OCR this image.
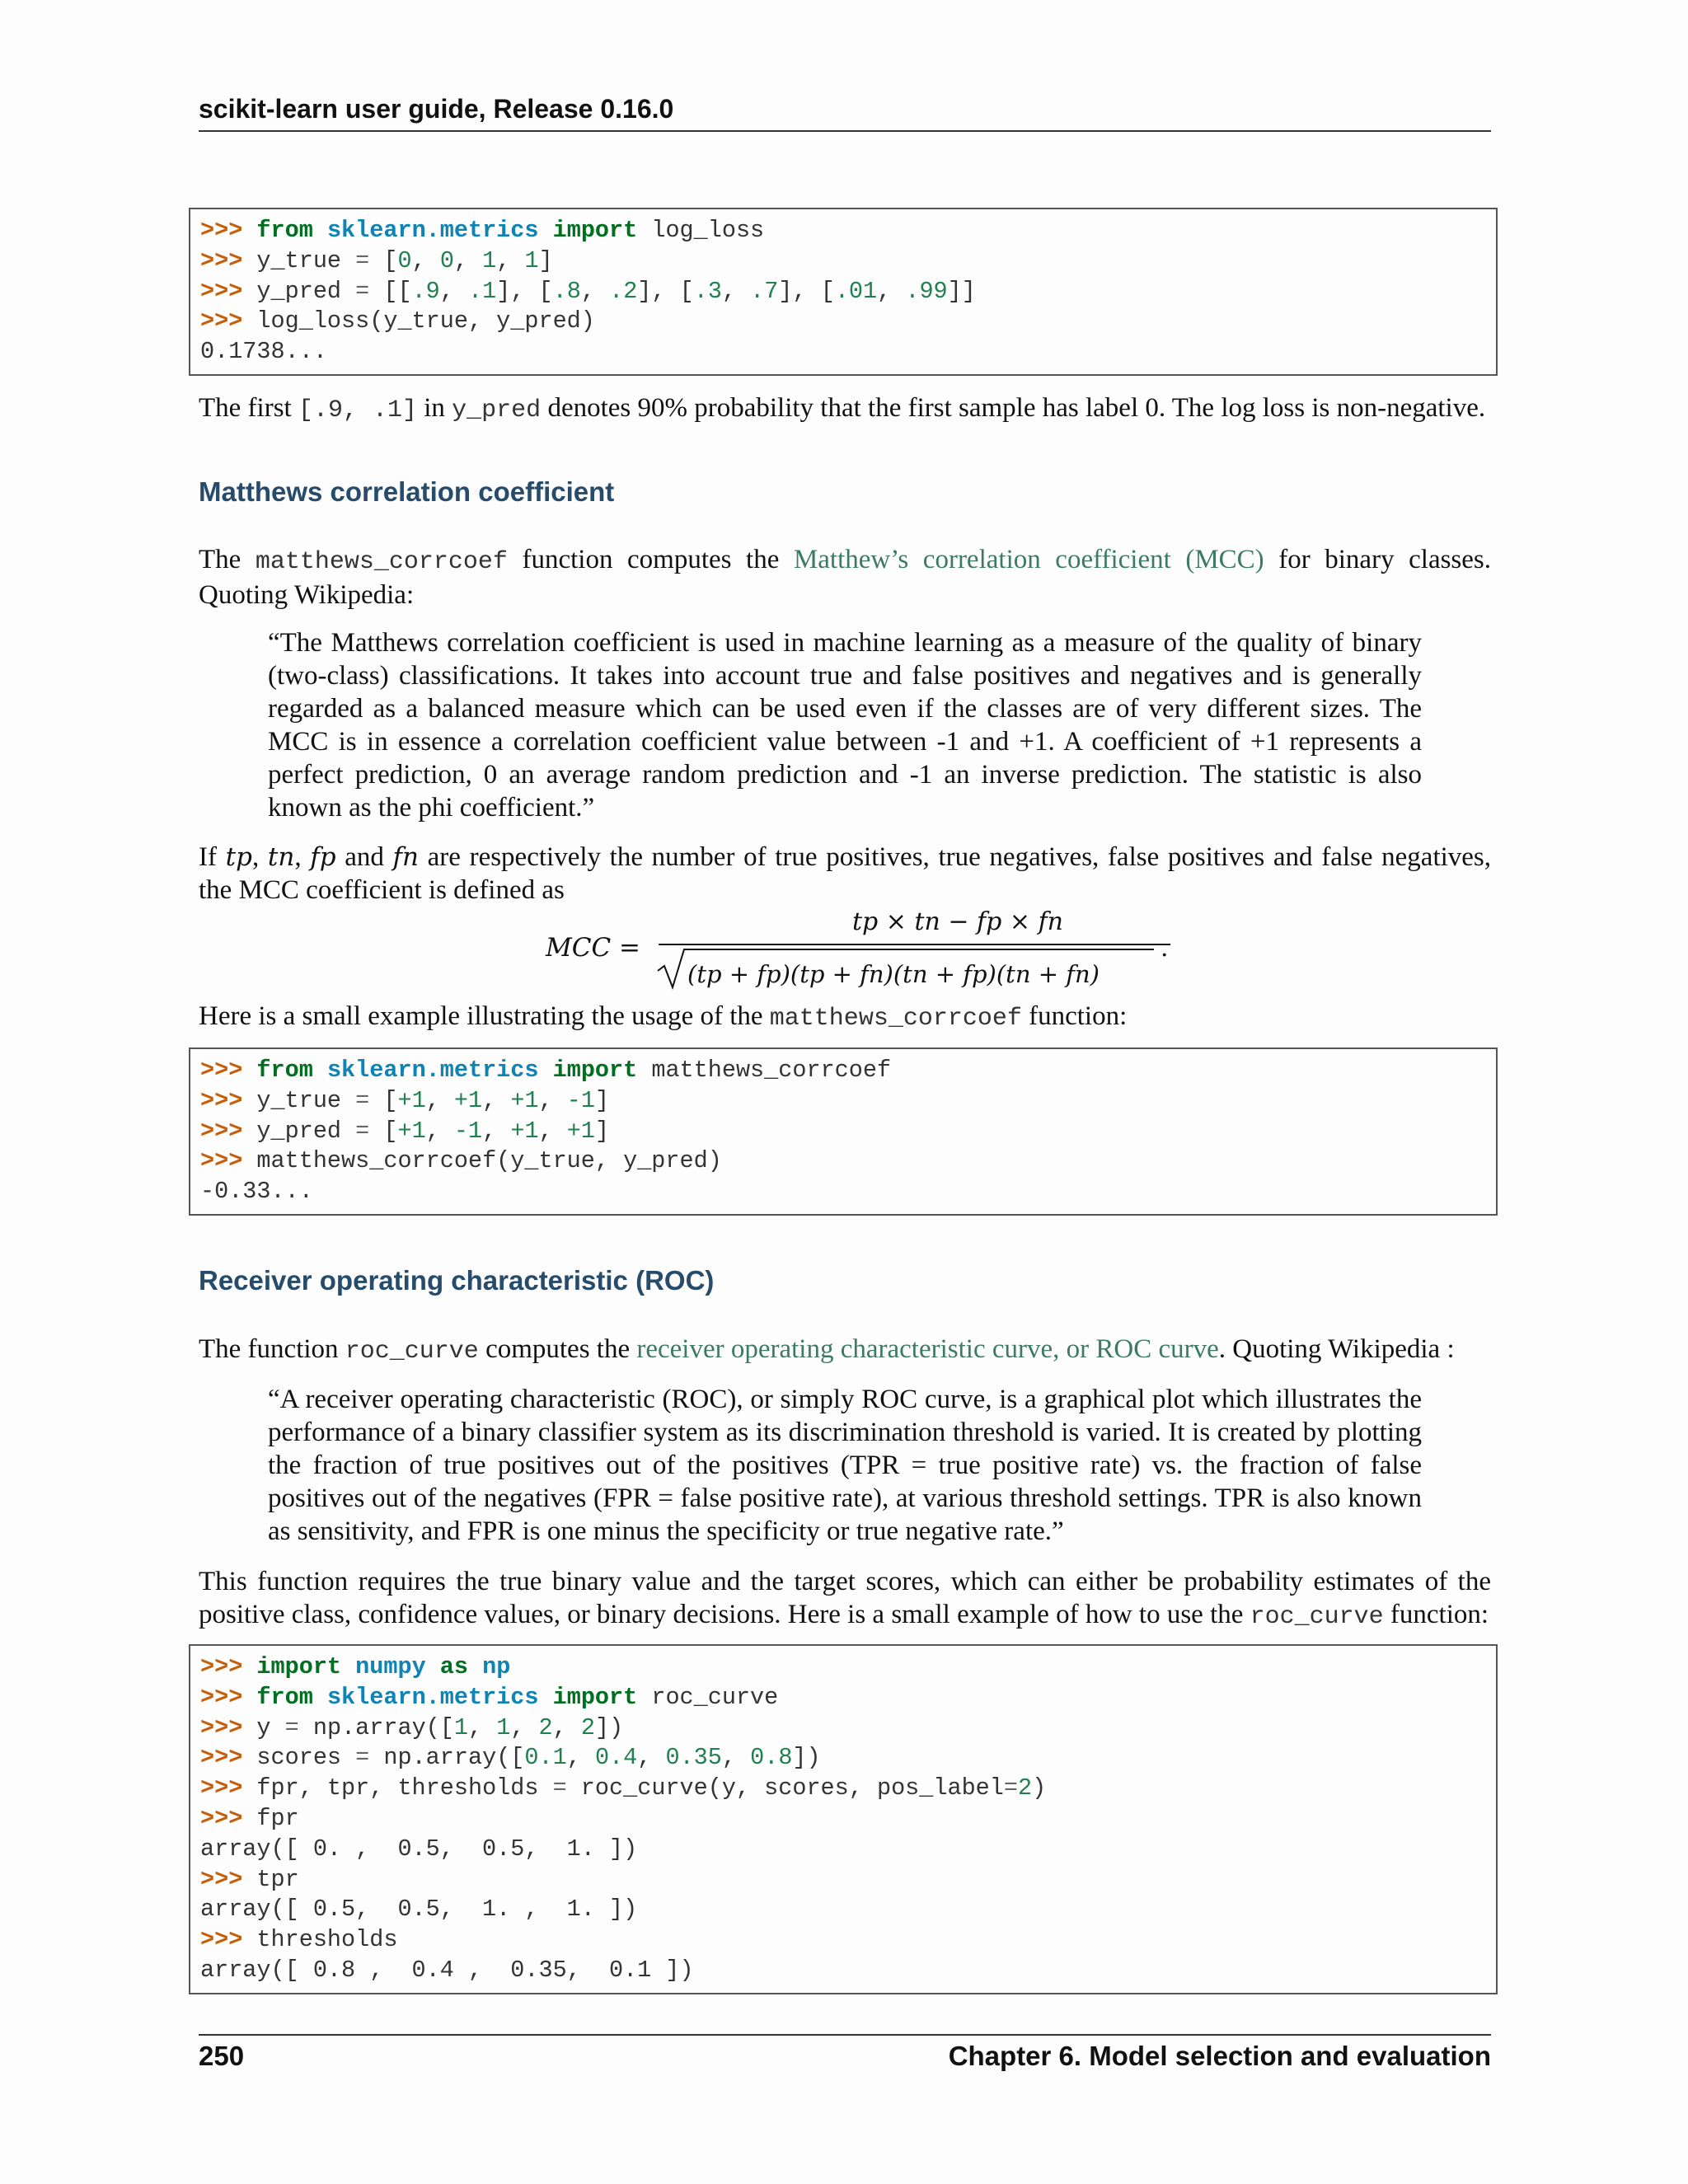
scikit-learn user guide, Release 0.16.0
>>> from sklearn.metrics import log_loss
>>> y_true = [0, 0, 1, 1]
>>> y_pred = [[.9, .1], [.8, .2], [.3, .7], [.01, .99]]
>>> log_loss(y_true, y_pred)
0.1738...

The first [.9, .1] in y_pred denotes 90% probability that the first sample has label 0. The log loss is non-negative.

Matthews correlation coefficient

The matthews_corrcoef function computes the Matthew’s correlation coefficient (MCC) for binary classes. Quoting Wikipedia:

“The Matthews correlation coefficient is used in machine learning as a measure of the quality of binary (two-class) classifications. It takes into account true and false positives and negatives and is generally regarded as a balanced measure which can be used even if the classes are of very different sizes. The MCC is in essence a correlation coefficient value between -1 and +1. A coefficient of +1 represents a perfect prediction, 0 an average random prediction and -1 an inverse prediction. The statistic is also known as the phi coefficient.”

If tp, tn, fp and fn are respectively the number of true positives, true negatives, false positives and false negatives, the MCC coefficient is defined as

MCC =
tp × tn − fp × fn
(tp + fp)(tp + fn)(tn + fp)(tn + fn)
.

Here is a small example illustrating the usage of the matthews_corrcoef function:

>>> from sklearn.metrics import matthews_corrcoef
>>> y_true = [+1, +1, +1, -1]
>>> y_pred = [+1, -1, +1, +1]
>>> matthews_corrcoef(y_true, y_pred)
-0.33...
Receiver operating characteristic (ROC)

The function roc_curve computes the receiver operating characteristic curve, or ROC curve. Quoting Wikipedia :

“A receiver operating characteristic (ROC), or simply ROC curve, is a graphical plot which illustrates the performance of a binary classifier system as its discrimination threshold is varied. It is created by plotting the fraction of true positives out of the positives (TPR = true positive rate) vs. the fraction of false positives out of the negatives (FPR = false positive rate), at various threshold settings. TPR is also known as sensitivity, and FPR is one minus the specificity or true negative rate.”

This function requires the true binary value and the target scores, which can either be probability estimates of the positive class, confidence values, or binary decisions. Here is a small example of how to use the roc_curve function:

>>> import numpy as np
>>> from sklearn.metrics import roc_curve
>>> y = np.array([1, 1, 2, 2])
>>> scores = np.array([0.1, 0.4, 0.35, 0.8])
>>> fpr, tpr, thresholds = roc_curve(y, scores, pos_label=2)
>>> fpr
array([ 0. ,  0.5,  0.5,  1. ])
>>> tpr
array([ 0.5,  0.5,  1. ,  1. ])
>>> thresholds
array([ 0.8 ,  0.4 ,  0.35,  0.1 ])
250	Chapter 6. Model selection and evaluation
